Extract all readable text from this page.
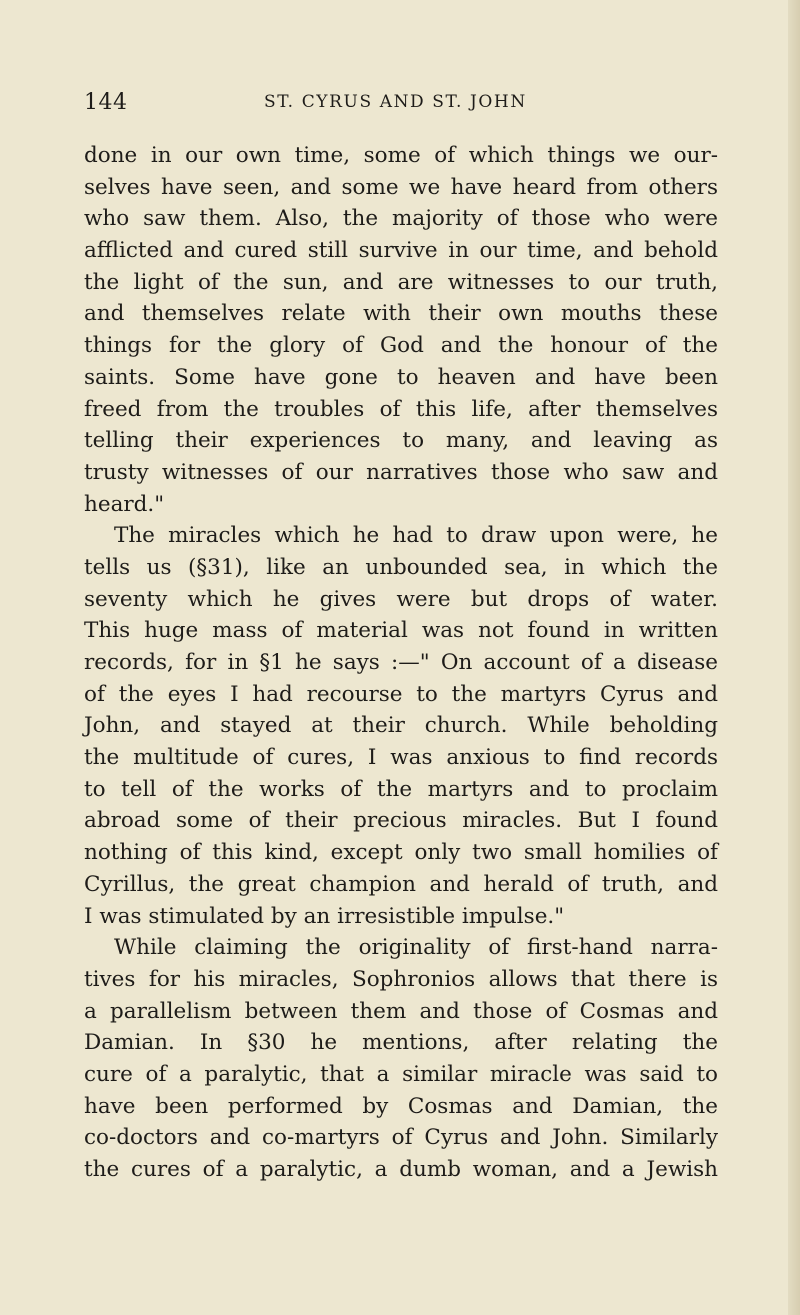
144	ST. CYRUS AND ST. JOHN
done in our own time, some of which things we our-
selves have seen, and some we have heard from others
who saw them. Also, the majority of those who were
afflicted and cured still survive in our time, and behold
the light of the sun, and are witnesses to our truth,
and themselves relate with their own mouths these
things for the glory of God and the honour of the
saints. Some have gone to heaven and have been
freed from the troubles of this life, after themselves
telling their experiences to many, and leaving as
trusty witnesses of our narratives those who saw and
heard."
The miracles which he had to draw upon were, he
tells us (§31), like an unbounded sea, in which the
seventy which he gives were but drops of water.
This huge mass of material was not found in written
records, for in §1 he says :—" On account of a disease
of the eyes I had recourse to the martyrs Cyrus and
John, and stayed at their church. While beholding
the multitude of cures, I was anxious to find records
to tell of the works of the martyrs and to proclaim
abroad some of their precious miracles. But I found
nothing of this kind, except only two small homilies of
Cyrillus, the great champion and herald of truth, and
I was stimulated by an irresistible impulse."
While claiming the originality of first-hand narra-
tives for his miracles, Sophronios allows that there is
a parallelism between them and those of Cosmas and
Damian. In §30 he mentions, after relating the
cure of a paralytic, that a similar miracle was said to
have been performed by Cosmas and Damian, the
co-doctors and co-martyrs of Cyrus and John. Similarly
the cures of a paralytic, a dumb woman, and a Jewish
